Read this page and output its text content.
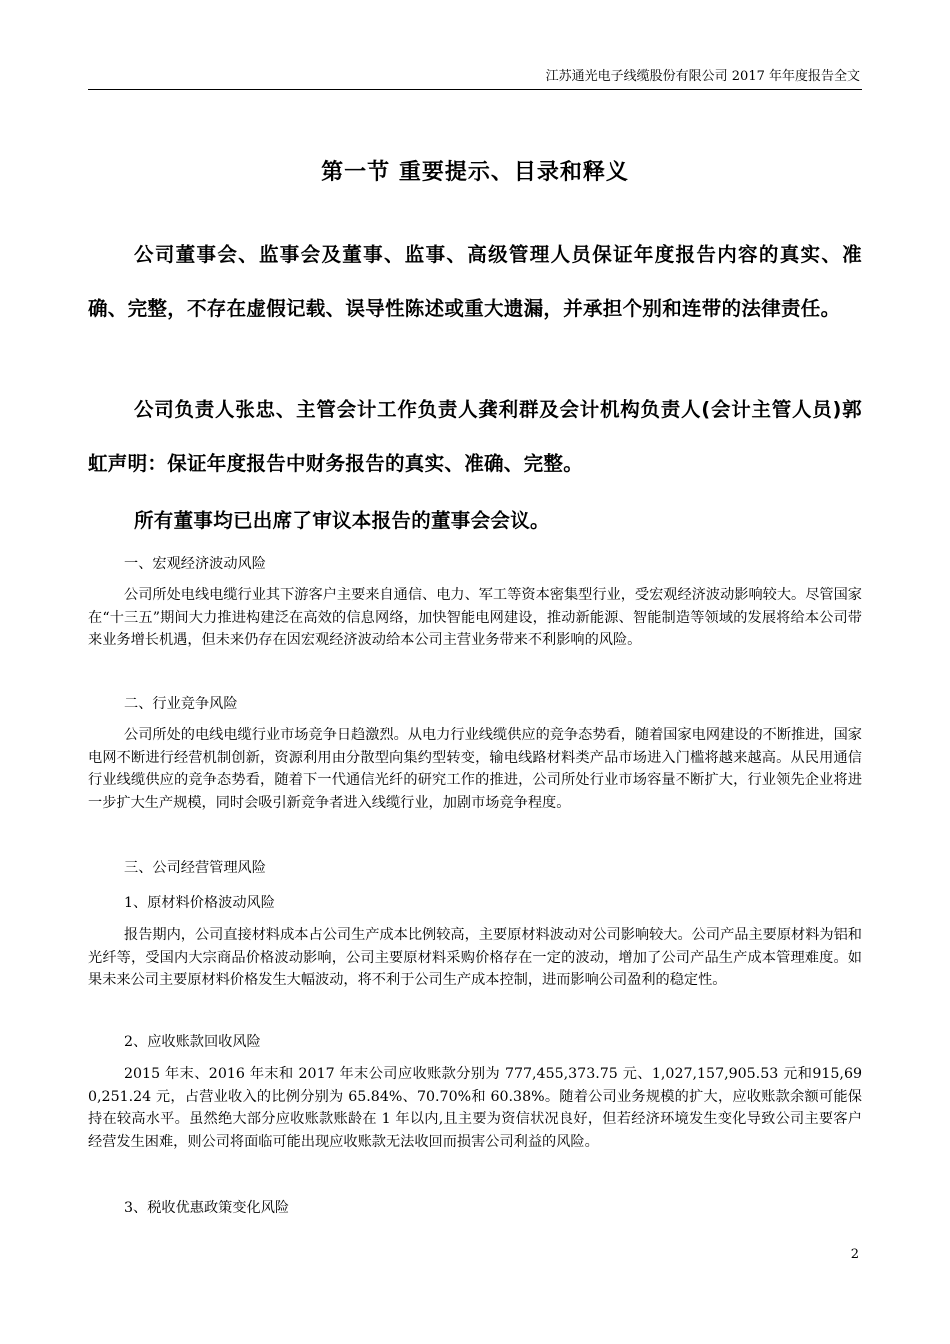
江苏通光电子线缆股份有限公司 2017 年年度报告全文
第一节 重要提示、目录和释义

公司董事会、监事会及董事、监事、高级管理人员保证年度报告内容的真实、准确、完整，不存在虚假记载、误导性陈述或重大遗漏，并承担个别和连带的法律责任。

公司负责人张忠、主管会计工作负责人龚利群及会计机构负责人(会计主管人员)郭虹声明：保证年度报告中财务报告的真实、准确、完整。

所有董事均已出席了审议本报告的董事会会议。

一、宏观经济波动风险

公司所处电线电缆行业其下游客户主要来自通信、电力、军工等资本密集型行业，受宏观经济波动影响较大。尽管国家在“十三五”期间大力推进构建泛在高效的信息网络，加快智能电网建设，推动新能源、智能制造等领域的发展将给本公司带来业务增长机遇，但未来仍存在因宏观经济波动给本公司主营业务带来不利影响的风险。

二、行业竞争风险

公司所处的电线电缆行业市场竞争日趋激烈。从电力行业线缆供应的竞争态势看，随着国家电网建设的不断推进，国家电网不断进行经营机制创新，资源利用由分散型向集约型转变，输电线路材料类产品市场进入门槛将越来越高。从民用通信行业线缆供应的竞争态势看，随着下一代通信光纤的研究工作的推进，公司所处行业市场容量不断扩大，行业领先企业将进一步扩大生产规模，同时会吸引新竞争者进入线缆行业，加剧市场竞争程度。

三、公司经营管理风险
1、原材料价格波动风险

报告期内，公司直接材料成本占公司生产成本比例较高，主要原材料波动对公司影响较大。公司产品主要原材料为铝和光纤等，受国内大宗商品价格波动影响，公司主要原材料采购价格存在一定的波动，增加了公司产品生产成本管理难度。如果未来公司主要原材料价格发生大幅波动，将不利于公司生产成本控制，进而影响公司盈利的稳定性。

2、应收账款回收风险

2015 年末、2016 年末和 2017 年末公司应收账款分别为 777,455,373.75 元、1,027,157,905.53 元和915,690,251.24 元，占营业收入的比例分别为 65.84%、70.70%和 60.38%。随着公司业务规模的扩大，应收账款余额可能保持在较高水平。虽然绝大部分应收账款账龄在 1 年以内,且主要为资信状况良好，但若经济环境发生变化导致公司主要客户经营发生困难，则公司将面临可能出现应收账款无法收回而损害公司利益的风险。

3、税收优惠政策变化风险
2
